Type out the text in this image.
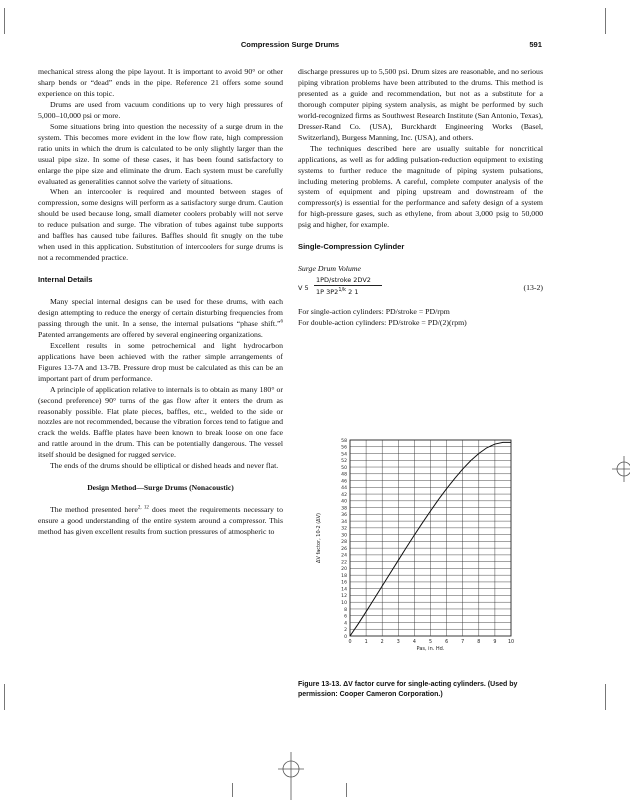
Compression Surge Drums	591

mechanical stress along the pipe layout. It is important to avoid 90° or other sharp bends or “dead” ends in the pipe. Reference 21 offers some sound experience on this topic.

Drums are used from vacuum conditions up to very high pressures of 5,000–10,000 psi or more.

Some situations bring into question the necessity of a surge drum in the system. This becomes more evident in the low flow rate, high compression ratio units in which the drum is calculated to be only slightly larger than the usual pipe size. In some of these cases, it has been found satisfactory to enlarge the pipe size and eliminate the drum. Each system must be carefully evaluated as generalities cannot solve the variety of situations.

When an intercooler is required and mounted between stages of compression, some designs will perform as a satisfactory surge drum. Caution should be used because long, small diameter coolers probably will not serve to reduce pulsation and surge. The vibration of tubes against tube supports and baffles has caused tube failures. Baffles should fit snugly on the tube when used in this application. Substitution of intercoolers for surge drums is not a recommended practice.

Internal Details

Many special internal designs can be used for these drums, with each design attempting to reduce the energy of certain disturbing frequencies from passing through the unit. In a sense, the internal pulsations “phase shift.”$^6$ Patented arrangements are offered by several engineering organizations.

Excellent results in some petrochemical and light hydrocarbon applications have been achieved with the rather simple arrangements of Figures 13-7A and 13-7B. Pressure drop must be calculated as this can be an important part of drum performance.

A principle of application relative to internals is to obtain as many 180° or (second preference) 90° turns of the gas flow after it enters the drum as reasonably possible. Flat plate pieces, baffles, etc., welded to the side or nozzles are not recommended, because the vibration forces tend to fatigue and crack the welds. Baffle plates have been known to break loose on one face and rattle around in the drum. This can be potentially dangerous. The vessel itself should be designed for rugged service.

The ends of the drums should be elliptical or dished heads and never flat.

Design Method—Surge Drums (Nonacoustic)

The method presented here$^{2, 12}$ does meet the requirements necessary to ensure a good understanding of the entire system around a compressor. This method has given excellent results from suction pressures of atmospheric to

discharge pressures up to 5,500 psi. Drum sizes are reasonable, and no serious piping vibration problems have been attributed to the drums. This method is presented as a guide and recommendation, but not as a substitute for a thorough computer piping system analysis, as might be performed by such world-recognized firms as Southwest Research Institute (San Antonio, Texas), Dresser-Rand Co. (USA), Burckhardt Engineering Works (Basel, Switzerland), Burgess Manning, Inc. (USA), and others.

The techniques described here are usually suitable for noncritical applications, as well as for adding pulsation-reduction equipment to existing systems to further reduce the magnitude of piping system pulsations, including metering problems. A careful, complete computer analysis of the system of equipment and piping upstream and downstream of the compressor(s) is essential for the performance and safety design of a system for high-pressure gases, such as ethylene, from about 3,000 psig to 50,000 psig and higher, for example.

Single-Compression Cylinder

Surge Drum Volume

V 5
1PD/stroke 2DV2
1P $3P2^{1/k}$ 2 1	(13-2)

For single-action cylinders: PD/stroke = PD/rpm

For double-action cylinders: PD/stroke = PD/(2)(rpm)

0
2
4
6
8
10
12
14
16
18
20
22
24
26
28
30
32
34
36
38
40
42
44
46
48
50
52
54
56
58
0	1	2	3	4	5	6	7	8	9 10
Pas, in. Hd.
ΔV factor, 10-2 (ΔV)
Figure 13-13. ΔV factor curve for single-acting cylinders. (Used by permission: Cooper Cameron Corporation.)
